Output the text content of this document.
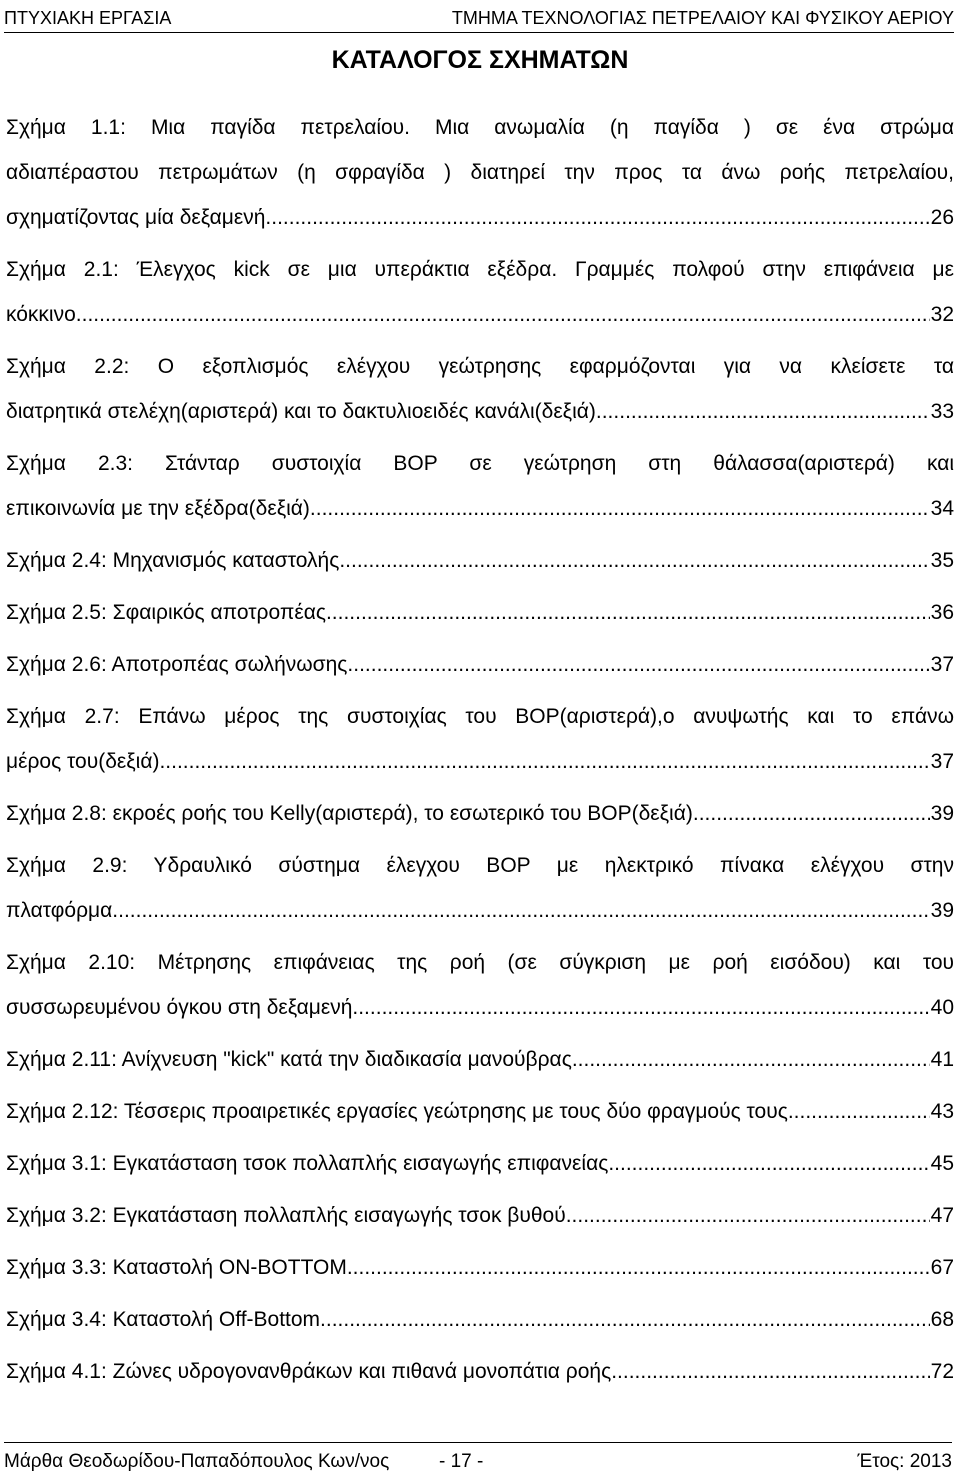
ΠΤΥΧΙΑΚΗ ΕΡΓΑΣΙΑ	ΤΜΗΜΑ ΤΕΧΝΟΛΟΓΙΑΣ ΠΕΤΡΕΛΑΙΟΥ ΚΑΙ ΦΥΣΙΚΟΥ ΑΕΡΙΟΥ
ΚΑΤΑΛΟΓΟΣ ΣΧΗΜΑΤΩΝ
Σχήμα 1.1: Μια παγίδα πετρελαίου. Μια ανωμαλία (η παγίδα ) σε ένα στρώμα
αδιαπέραστου πετρωμάτων (η σφραγίδα ) διατηρεί την προς τα άνω ροής πετρελαίου,
σχηματίζοντας μία δεξαμενή. .....	26
Σχήμα 2.1: Έλεγχος kick σε μια υπεράκτια εξέδρα. Γραμμές πολφού στην επιφάνεια με
κόκκινο. .....	32
Σχήμα 2.2: Ο εξοπλισμός ελέγχου γεώτρησης εφαρμόζονται για να κλείσετε τα
διατρητικά στελέχη(αριστερά) και το δακτυλιοειδές κανάλι(δεξιά) .....	33
Σχήμα 2.3: Στάνταρ συστοιχία BOP σε γεώτρηση στη θάλασσα(αριστερά) και
επικοινωνία με την εξέδρα(δεξιά) .....	34
Σχήμα 2.4: Μηχανισμός καταστολής .....	35
Σχήμα 2.5: Σφαιρικός αποτροπέας .....	36
Σχήμα 2.6: Αποτροπέας σωλήνωσης .....	37
Σχήμα 2.7: Επάνω μέρος της συστοιχίας του BOP(αριστερά),ο ανυψωτής και το επάνω
μέρος του(δεξιά) .....	37
Σχήμα 2.8: εκροές ροής του Kelly(αριστερά), το εσωτερικό του BOP(δεξιά) .....	39
Σχήμα 2.9: Υδραυλικό σύστημα έλεγχου BOP με ηλεκτρικό πίνακα ελέγχου στην
πλατφόρμα .....	39
Σχήμα 2.10: Μέτρησης επιφάνειας της ροή (σε σύγκριση με ροή εισόδου) και του
συσσωρευμένου όγκου στη δεξαμενή .....	40
Σχήμα 2.11: Ανίχνευση "kick" κατά την διαδικασία μανούβρας .....	41
Σχήμα 2.12: Τέσσερις προαιρετικές εργασίες γεώτρησης με τους δύο φραγμούς τους. .....	43
Σχήμα 3.1: Εγκατάσταση τσοκ πολλαπλής εισαγωγής επιφανείας .....	45
Σχήμα 3.2: Εγκατάσταση πολλαπλής εισαγωγής τσοκ βυθού .....	47
Σχήμα 3.3: Καταστολή ON-BOTTOM .....	67
Σχήμα 3.4: Καταστολή Off-Bottom .....	68
Σχήμα 4.1: Ζώνες υδρογονανθράκων και πιθανά μονοπάτια ροής .....	72
Μάρθα Θεοδωρίδου-Παπαδόπουλος Κων/νος	- 17 -	Έτος: 2013
